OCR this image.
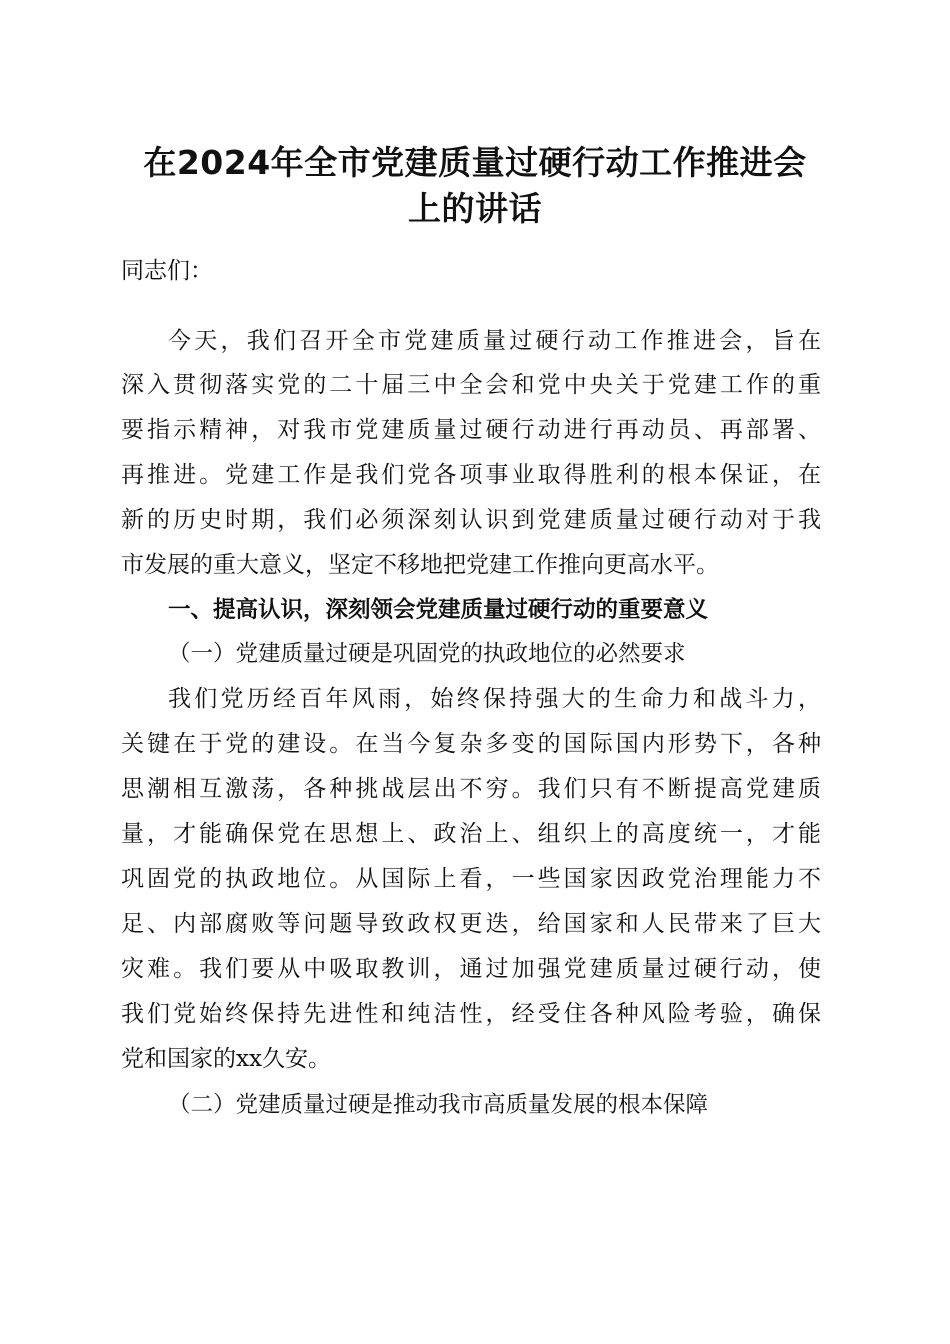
在2024年全市党建质量过硬行动工作推进会
上的讲话
同志们：
今天，我们召开全市党建质量过硬行动工作推进会，旨在
深入贯彻落实党的二十届三中全会和党中央关于党建工作的重
要指示精神，对我市党建质量过硬行动进行再动员、再部署、
再推进。党建工作是我们党各项事业取得胜利的根本保证，在
新的历史时期，我们必须深刻认识到党建质量过硬行动对于我
市发展的重大意义，坚定不移地把党建工作推向更高水平。
一、提高认识，深刻领会党建质量过硬行动的重要意义
（一）党建质量过硬是巩固党的执政地位的必然要求
我们党历经百年风雨，始终保持强大的生命力和战斗力，
关键在于党的建设。在当今复杂多变的国际国内形势下，各种
思潮相互激荡，各种挑战层出不穷。我们只有不断提高党建质
量，才能确保党在思想上、政治上、组织上的高度统一，才能
巩固党的执政地位。从国际上看，一些国家因政党治理能力不
足、内部腐败等问题导致政权更迭，给国家和人民带来了巨大
灾难。我们要从中吸取教训，通过加强党建质量过硬行动，使
我们党始终保持先进性和纯洁性，经受住各种风险考验，确保
党和国家的xx久安。
（二）党建质量过硬是推动我市高质量发展的根本保障
